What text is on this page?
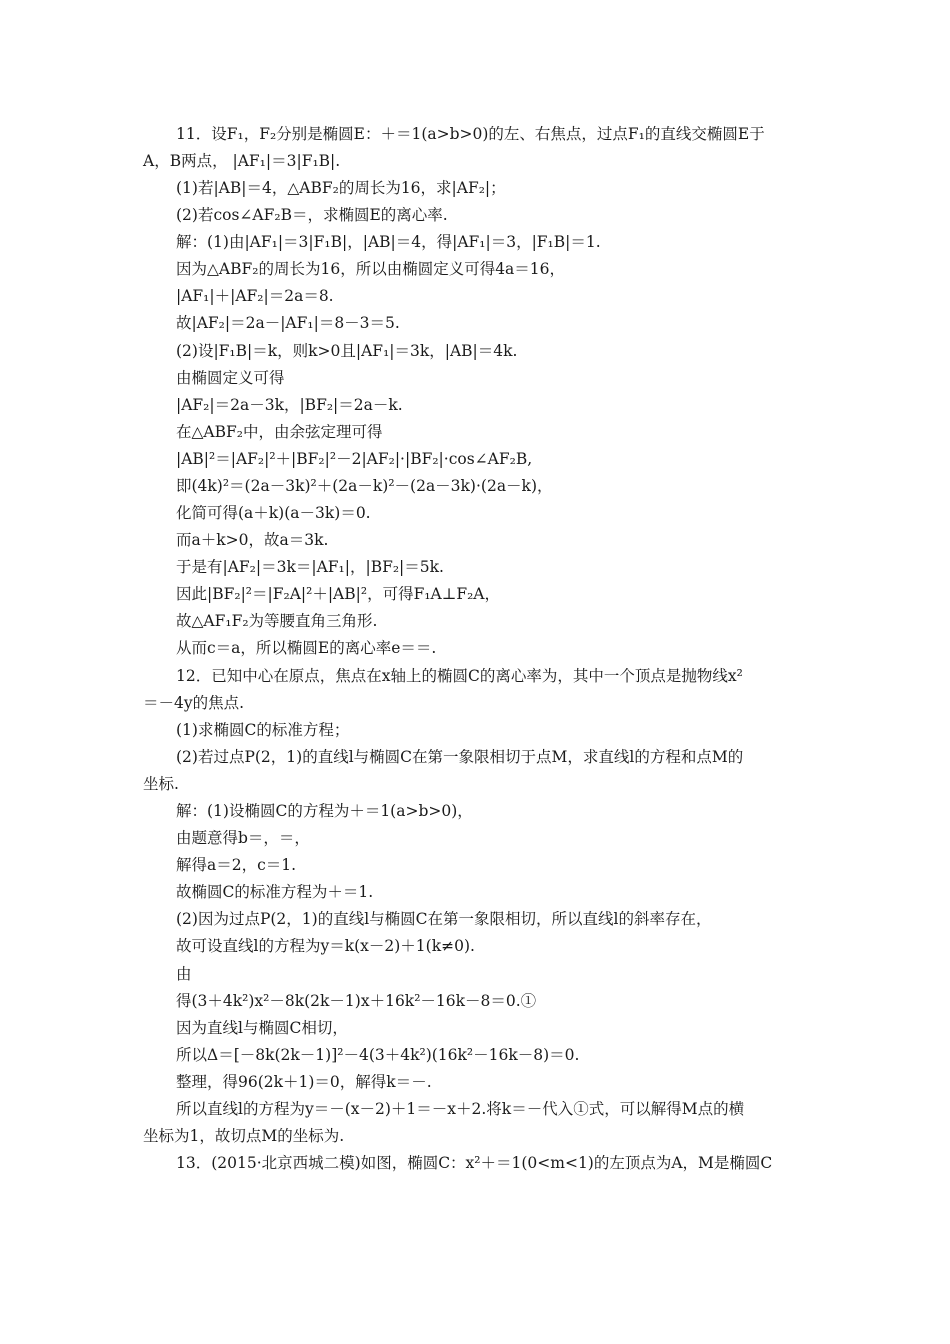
11．设F₁，F₂分别是椭圆E：＋＝1(a>b>0)的左、右焦点，过点F₁的直线交椭圆E于
A，B两点， |AF₁|＝3|F₁B|.
(1)若|AB|＝4，△ABF₂的周长为16，求|AF₂|；
(2)若cos∠AF₂B＝，求椭圆E的离心率.
解：(1)由|AF₁|＝3|F₁B|，|AB|＝4，得|AF₁|＝3，|F₁B|＝1.
因为△ABF₂的周长为16，所以由椭圆定义可得4a＝16，
|AF₁|＋|AF₂|＝2a＝8.
故|AF₂|＝2a－|AF₁|＝8－3＝5.
(2)设|F₁B|＝k，则k>0且|AF₁|＝3k，|AB|＝4k.
由椭圆定义可得
|AF₂|＝2a－3k，|BF₂|＝2a－k.
在△ABF₂中，由余弦定理可得
|AB|²＝|AF₂|²＋|BF₂|²－2|AF₂|·|BF₂|·cos∠AF₂B,
即(4k)²＝(2a－3k)²＋(2a－k)²－(2a－3k)·(2a－k)，
化简可得(a＋k)(a－3k)＝0.
而a＋k>0，故a＝3k.
于是有|AF₂|＝3k＝|AF₁|，|BF₂|＝5k.
因此|BF₂|²＝|F₂A|²＋|AB|²，可得F₁A⊥F₂A，
故△AF₁F₂为等腰直角三角形.
从而c＝a，所以椭圆E的离心率e＝＝.
12．已知中心在原点，焦点在x轴上的椭圆C的离心率为，其中一个顶点是抛物线x²
＝－4y的焦点.
(1)求椭圆C的标准方程；
(2)若过点P(2，1)的直线l与椭圆C在第一象限相切于点M，求直线l的方程和点M的
坐标.
解：(1)设椭圆C的方程为＋＝1(a>b>0)，
由题意得b＝，＝，
解得a＝2，c＝1.
故椭圆C的标准方程为＋＝1.
(2)因为过点P(2，1)的直线l与椭圆C在第一象限相切，所以直线l的斜率存在，
故可设直线l的方程为y＝k(x－2)＋1(k≠0).
由
得(3＋4k²)x²－8k(2k－1)x＋16k²－16k－8＝0.①
因为直线l与椭圆C相切，
所以Δ＝[－8k(2k－1)]²－4(3＋4k²)(16k²－16k－8)＝0.
整理，得96(2k＋1)＝0，解得k＝－.
所以直线l的方程为y＝－(x－2)＋1＝－x＋2.将k＝－代入①式，可以解得M点的横
坐标为1，故切点M的坐标为.
13．(2015·北京西城二模)如图，椭圆C：x²＋＝1(0<m<1)的左顶点为A，M是椭圆C
